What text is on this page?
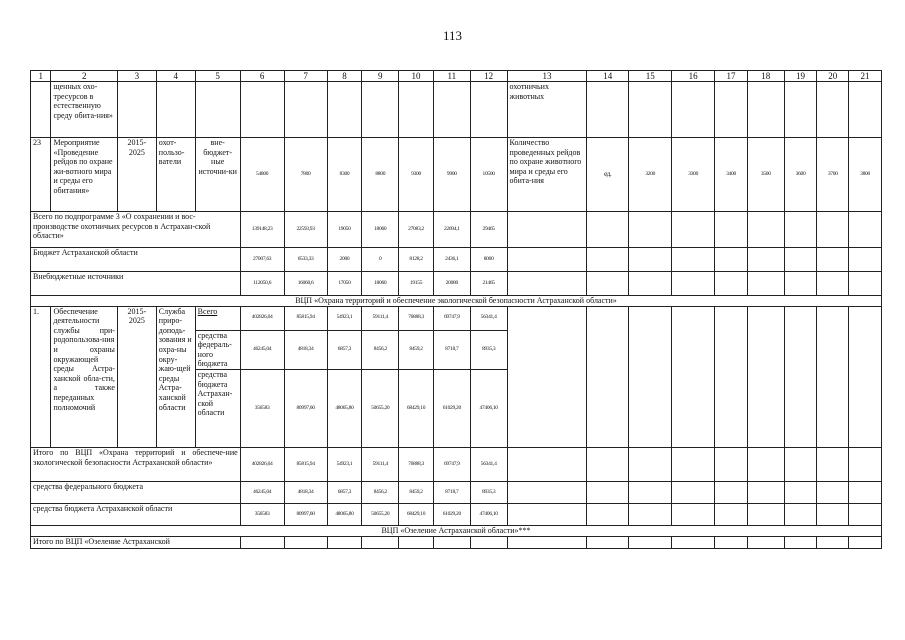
113
1	2	3	4	5	6	7	8	9	10	11	12	13	14	15	16	17	18	19	20	21
	щенных охо-тресурсов в естественную среду обита-ния»											охотничьих животных								
23	Мероприятие «Проведение рейдов по охране жи-вотного мира и среды его обитания»	2015-2025	охот-пользо-ватели	вне-бюджет-ные источни-ки	54800	7800	8300	8800	9300	9900	10500	Количество проведенных рейдов по охране животного мира и среды его обита-ния	ед.	3200	3300	3400	3500	3600	3700	3800
Всего по подпрограмме 3 «О сохранении и вос-производстве охотничьих ресурсов в Астрахан-ской области»					139148,23	22593,93	19050	18060	27083,2	22694,1	29465									
Бюджет Астраханской области					27007,63	6533,33	2000	0	8128,2	2436,1	8000									
Внебюджетные источники					112050,6	16060,6	17050	18060	19155	20080	21465									
ВЦП «Охрана территорий и обеспечение экологической безопасности Астраханской области»																				
1.	Обеспечение деятельности службы при-родопользова-ния и охраны окружающей среды Астра-ханской обла-сти, а также переданных полномочий	2015-2025	Служба приро-доподь-зования и охра-ны окру-жаю-щей среды Астра-ханской области	Всего	402826,04	85815,94	54923,1	59111,4	76888,3	69747,9	56341,4									
				средства федераль-ного бюджета	46245,04	4818,34	6857,3	8456,2	8459,2	8718,7	8935,3									
				средства бюджета Астрахан-ской области	356583	80997,60	48065,80	50655,20	68429,10	61029,20	47406,10									
Итого по ВЦП «Охрана территорий и обеспече-ние экологической безопасности Астраханской области»					402826,04	85815,94	54923,1	59111,4	76888,3	69747,9	56341,4									
средства федерального бюджета					46245,04	4818,34	6857,3	8456,2	8459,2	8718,7	8935,3									
средства бюджета Астраханской области					356583	80997,60	48065,80	50655,20	68429,10	61029,20	47406,10									
ВЦП «Озеление Астраханской области»***																				
Итого по ВЦП «Озеление Астраханской																				
